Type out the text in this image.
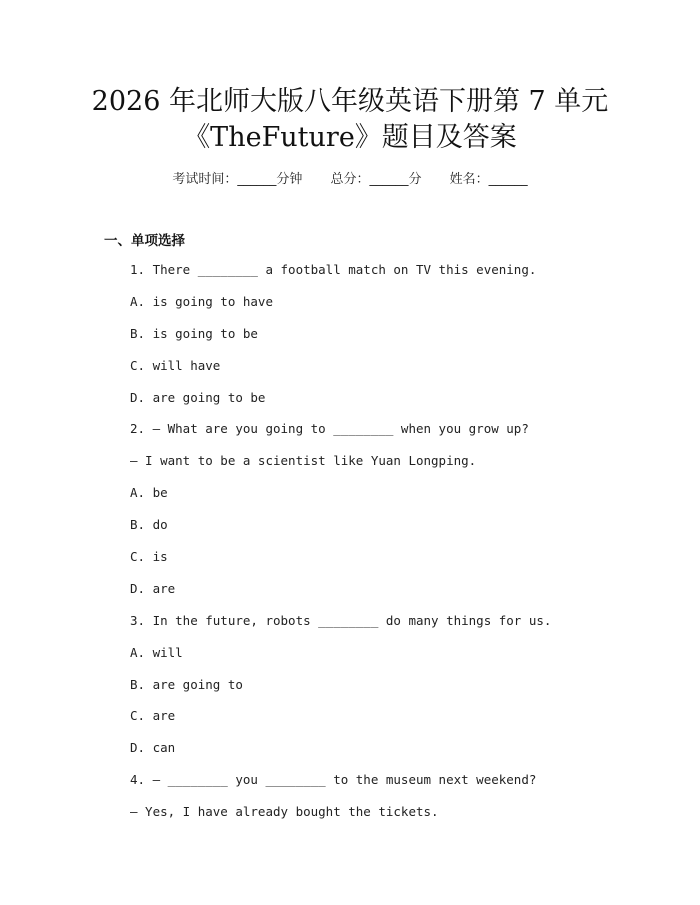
2026 年北师大版八年级英语下册第 7 单元
《TheFuture》题目及答案
考试时间：______分钟 总分：______分 姓名：______
一、单项选择
1. There ________ a football match on TV this evening.
A. is going to have
B. is going to be
C. will have
D. are going to be
2. — What are you going to ________ when you grow up?
— I want to be a scientist like Yuan Longping.
A. be
B. do
C. is
D. are
3. In the future, robots ________ do many things for us.
A. will
B. are going to
C. are
D. can
4. — ________ you ________ to the museum next weekend?
— Yes, I have already bought the tickets.
